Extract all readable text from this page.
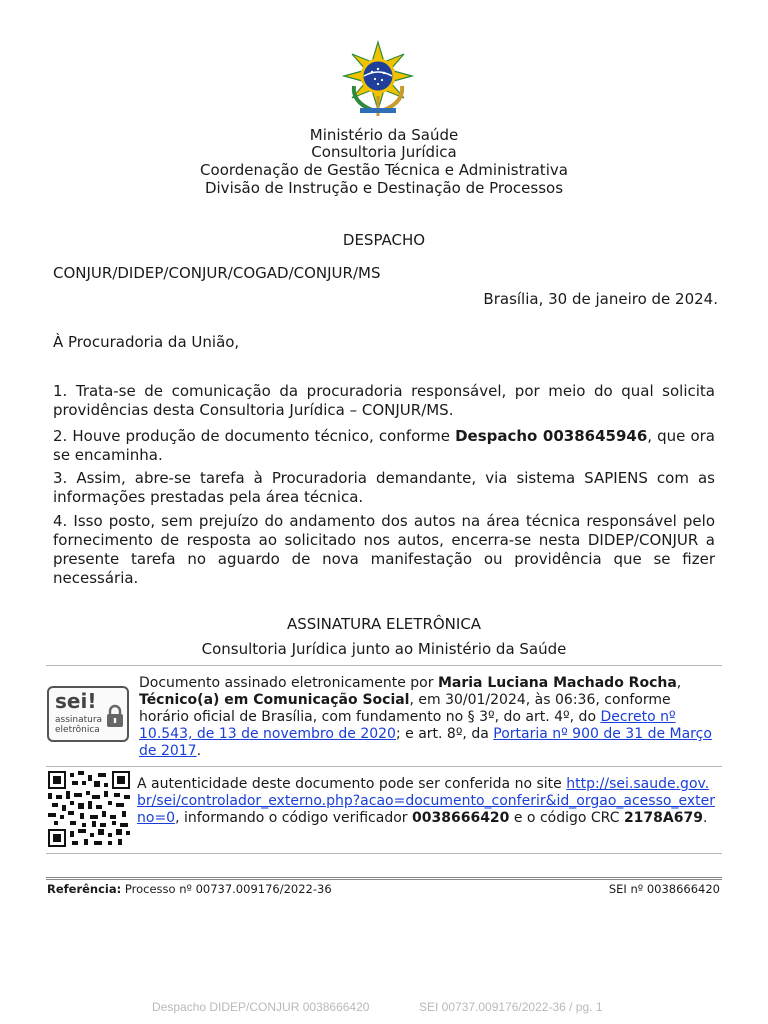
Ministério da Saúde
Consultoria Jurídica
Coordenação de Gestão Técnica e Administrativa
Divisão de Instrução e Destinação de Processos
DESPACHO
CONJUR/DIDEP/CONJUR/COGAD/CONJUR/MS
Brasília, 30 de janeiro de 2024.
À Procuradoria da União,
1. Trata-se de comunicação da procuradoria responsável, por meio do qual solicita providências desta Consultoria Jurídica – CONJUR/MS.
2. Houve produção de documento técnico, conforme Despacho 0038645946, que ora se encaminha.
3. Assim, abre-se tarefa à Procuradoria demandante, via sistema SAPIENS com as informações prestadas pela área técnica.
4. Isso posto, sem prejuízo do andamento dos autos na área técnica responsável pelo fornecimento de resposta ao solicitado nos autos, encerra-se nesta DIDEP/CONJUR a presente tarefa no aguardo de nova manifestação ou providência que se fizer necessária.
ASSINATURA ELETRÔNICA
Consultoria Jurídica junto ao Ministério da Saúde
sei!
assinatura
eletrônica
Documento assinado eletronicamente por Maria Luciana Machado Rocha,
Técnico(a) em Comunicação Social, em 30/01/2024, às 06:36, conforme horário oficial de Brasília, com fundamento no § 3º, do art. 4º, do Decreto nº 10.543, de 13 de novembro de 2020; e art. 8º, da Portaria nº 900 de 31 de Março de 2017.
A autenticidade deste documento pode ser conferida no site http://sei.saude.gov.br/sei/controlador_externo.php?acao=documento_conferir&id_orgao_acesso_externo=0, informando o código verificador 0038666420 e o código CRC 2178A679.
Referência: Processo nº 00737.009176/2022-36	SEI nº 0038666420
Despacho DIDEP/CONJUR 0038666420	SEI 00737.009176/2022-36 / pg. 1
